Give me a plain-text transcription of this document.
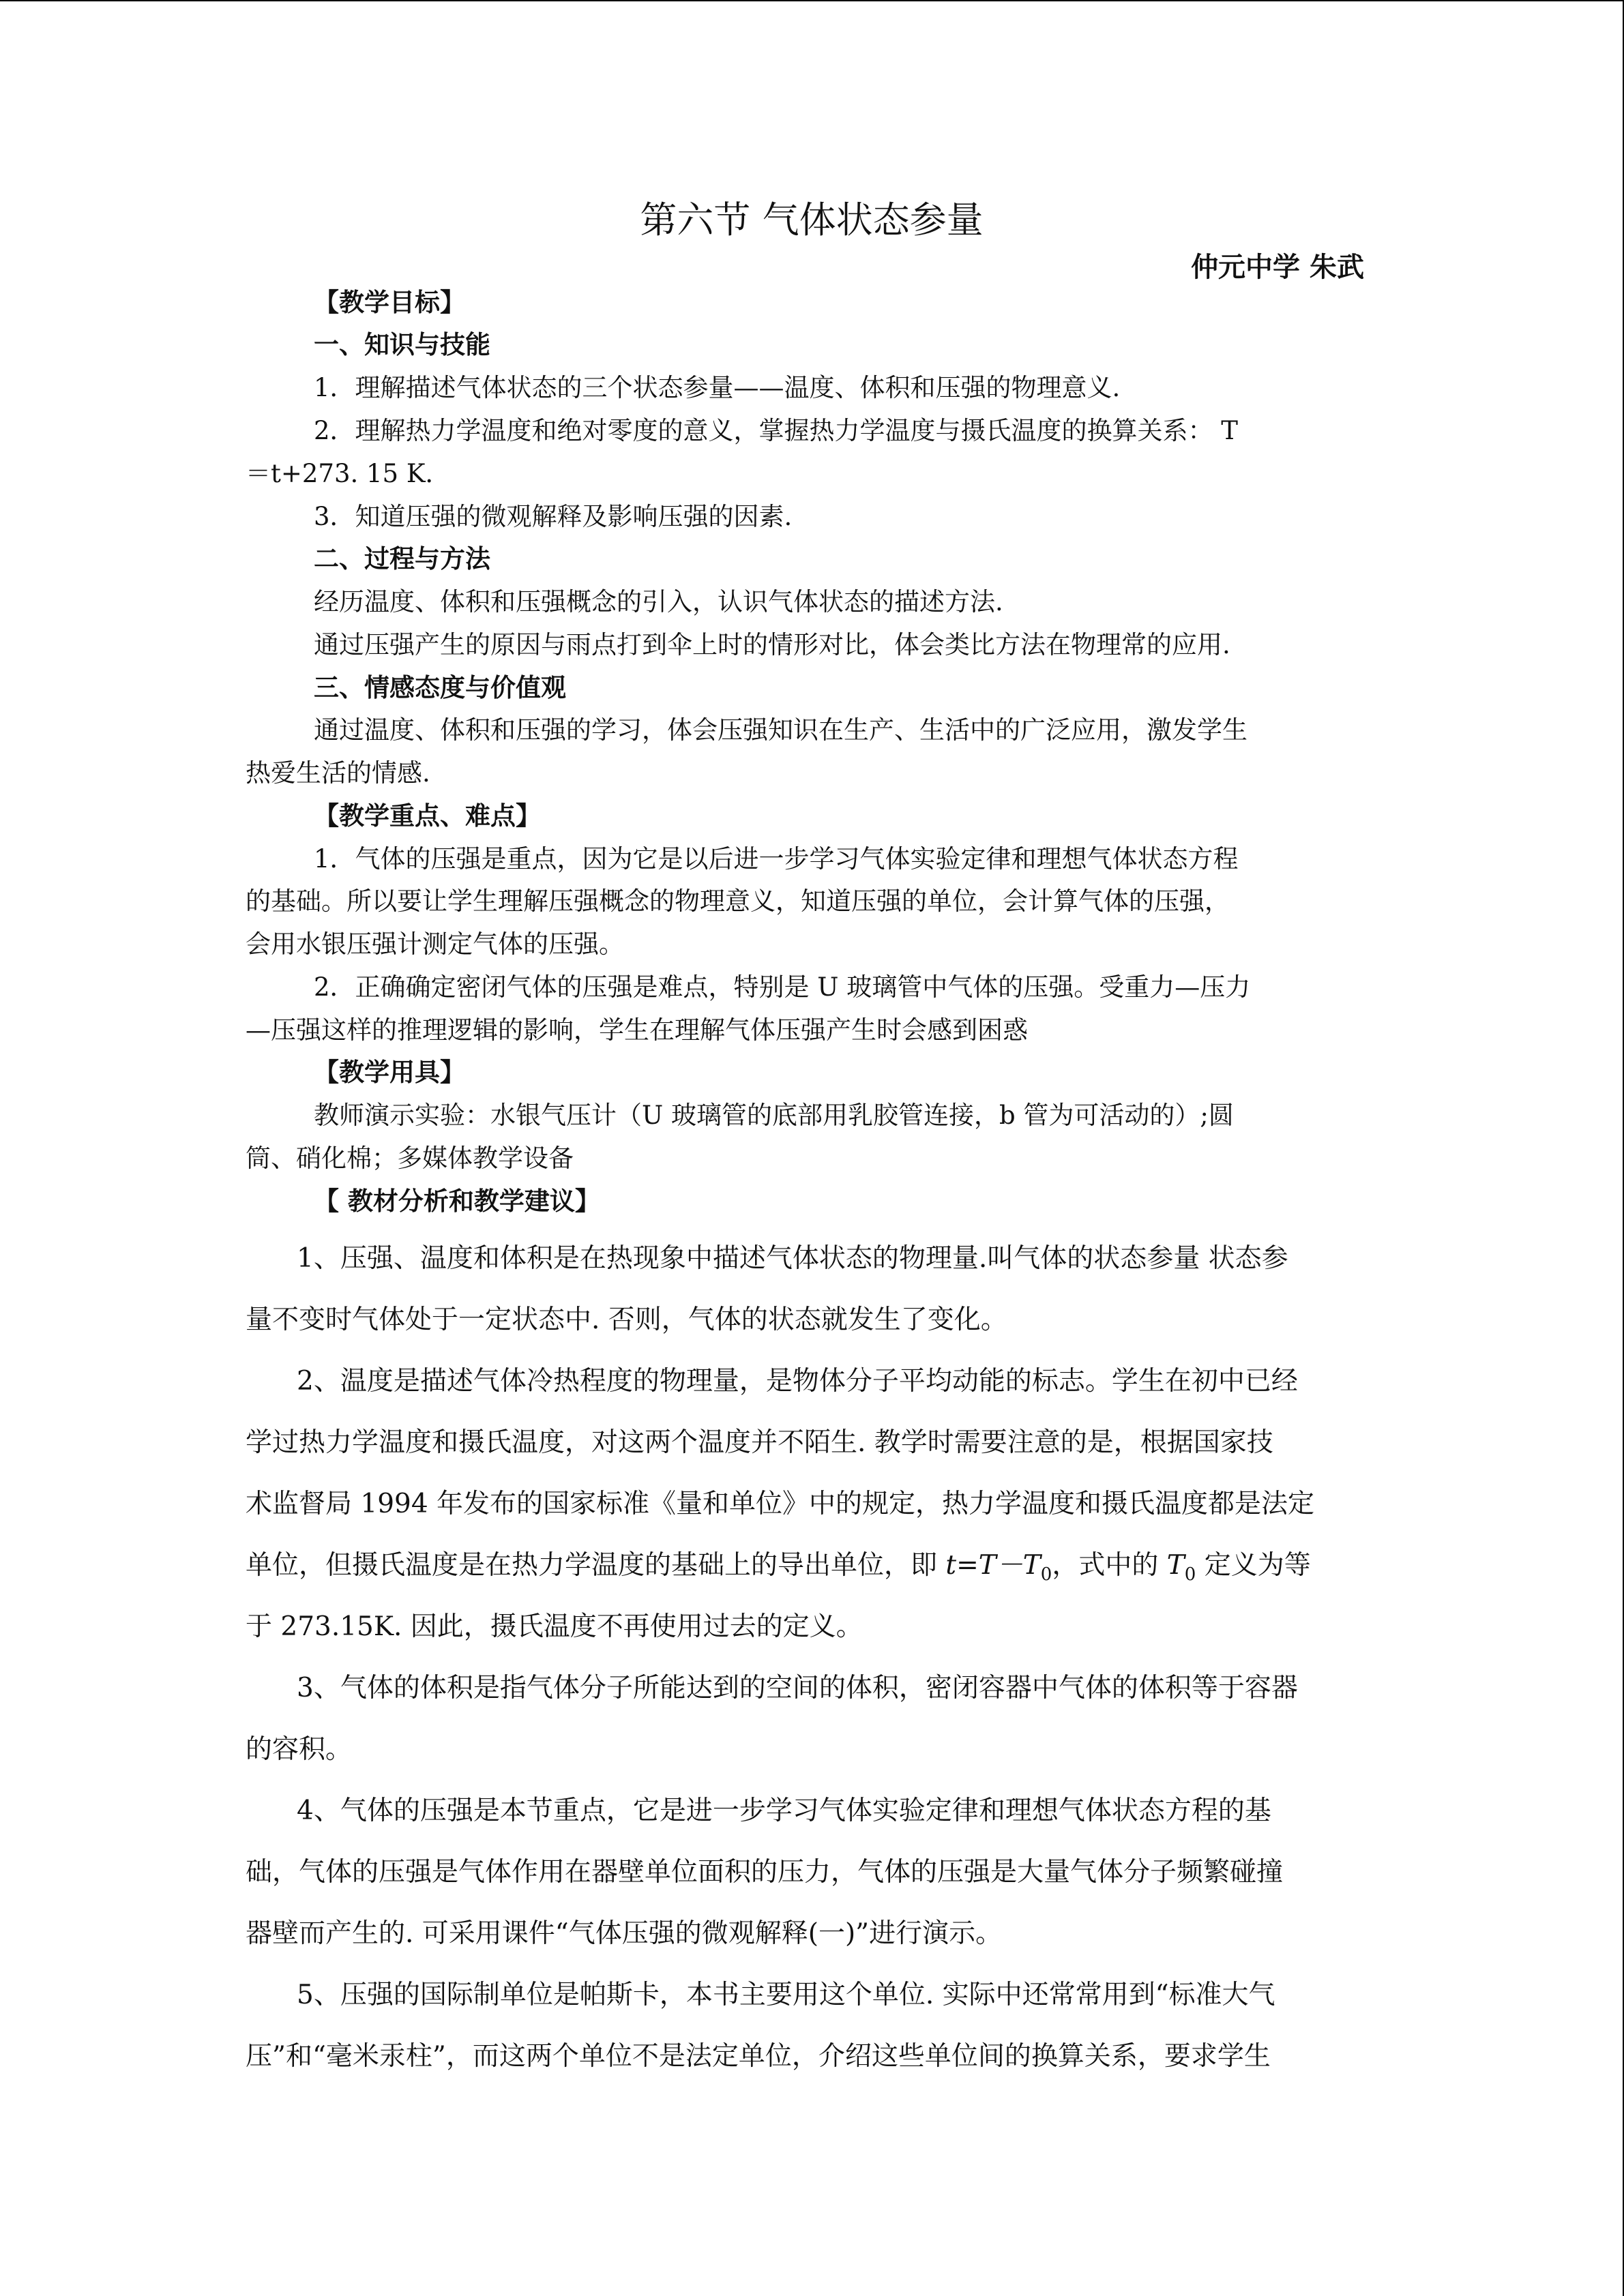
第六节 气体状态参量
仲元中学 朱武
【教学目标】
一、知识与技能
1．理解描述气体状态的三个状态参量——温度、体积和压强的物理意义.
2．理解热力学温度和绝对零度的意义，掌握热力学温度与摄氏温度的换算关系： T
＝t+273. 15 K．
3．知道压强的微观解释及影响压强的因素.
二、过程与方法
经历温度、体积和压强概念的引入，认识气体状态的描述方法.
通过压强产生的原因与雨点打到伞上时的情形对比，体会类比方法在物理常的应用.
三、情感态度与价值观
通过温度、体积和压强的学习，体会压强知识在生产、生活中的广泛应用，激发学生
热爱生活的情感.
【教学重点、难点】
1．气体的压强是重点，因为它是以后进一步学习气体实验定律和理想气体状态方程
的基础。所以要让学生理解压强概念的物理意义，知道压强的单位，会计算气体的压强，
会用水银压强计测定气体的压强。
2．正确确定密闭气体的压强是难点，特别是 U 玻璃管中气体的压强。受重力—压力
—压强这样的推理逻辑的影响，学生在理解气体压强产生时会感到困惑
【教学用具】
教师演示实验：水银气压计（U 玻璃管的底部用乳胶管连接，b 管为可活动的）;圆
筒、硝化棉；多媒体教学设备
【 教材分析和教学建议】
1、压强、温度和体积是在热现象中描述气体状态的物理量.叫气体的状态参量 状态参
量不变时气体处于一定状态中. 否则，气体的状态就发生了变化。
2、温度是描述气体冷热程度的物理量，是物体分子平均动能的标志。学生在初中已经
学过热力学温度和摄氏温度，对这两个温度并不陌生. 教学时需要注意的是，根据国家技
术监督局 1994 年发布的国家标准《量和单位》中的规定，热力学温度和摄氏温度都是法定
单位，但摄氏温度是在热力学温度的基础上的导出单位，即 $t=T-T_0$，式中的 $T_0$ 定义为等
于 273.15K. 因此，摄氏温度不再使用过去的定义。
3、气体的体积是指气体分子所能达到的空间的体积，密闭容器中气体的体积等于容器
的容积。
4、气体的压强是本节重点，它是进一步学习气体实验定律和理想气体状态方程的基
础，气体的压强是气体作用在器壁单位面积的压力，气体的压强是大量气体分子频繁碰撞
器壁而产生的. 可采用课件“气体压强的微观解释(一)”进行演示。
5、压强的国际制单位是帕斯卡，本书主要用这个单位. 实际中还常常用到“标准大气
压”和“毫米汞柱”，而这两个单位不是法定单位，介绍这些单位间的换算关系，要求学生
